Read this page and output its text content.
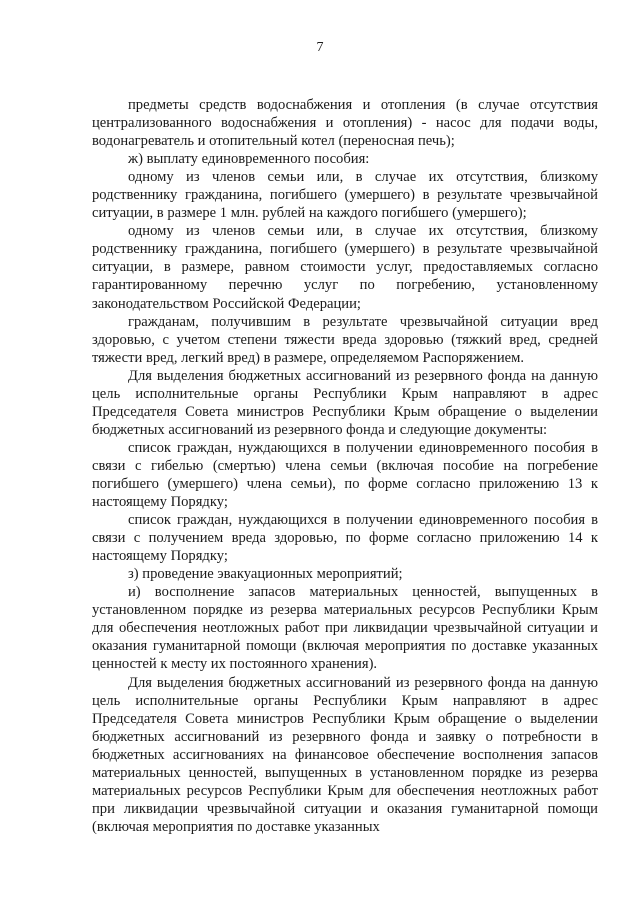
7

предметы средств водоснабжения и отопления (в случае отсутствия централизованного водоснабжения и отопления) - насос для подачи воды, водонагреватель и отопительный котел (переносная печь);

ж) выплату единовременного пособия:

одному из членов семьи или, в случае их отсутствия, близкому родственнику гражданина, погибшего (умершего) в результате чрезвычайной ситуации, в размере 1 млн. рублей на каждого погибшего (умершего);

одному из членов семьи или, в случае их отсутствия, близкому родственнику гражданина, погибшего (умершего) в результате чрезвычайной ситуации, в размере, равном стоимости услуг, предоставляемых согласно гарантированному перечню услуг по погребению, установленному законодательством Российской Федерации;

гражданам, получившим в результате чрезвычайной ситуации вред здоровью, с учетом степени тяжести вреда здоровью (тяжкий вред, средней тяжести вред, легкий вред) в размере, определяемом Распоряжением.

Для выделения бюджетных ассигнований из резервного фонда на данную цель исполнительные органы Республики Крым направляют в адрес Председателя Совета министров Республики Крым обращение о выделении бюджетных ассигнований из резервного фонда и следующие документы:

список граждан, нуждающихся в получении единовременного пособия в связи с гибелью (смертью) члена семьи (включая пособие на погребение погибшего (умершего) члена семьи), по форме согласно приложению 13 к настоящему Порядку;

список граждан, нуждающихся в получении единовременного пособия в связи с получением вреда здоровью, по форме согласно приложению 14 к настоящему Порядку;

з) проведение эвакуационных мероприятий;

и) восполнение запасов материальных ценностей, выпущенных в установленном порядке из резерва материальных ресурсов Республики Крым для обеспечения неотложных работ при ликвидации чрезвычайной ситуации и оказания гуманитарной помощи (включая мероприятия по доставке указанных ценностей к месту их постоянного хранения).

Для выделения бюджетных ассигнований из резервного фонда на данную цель исполнительные органы Республики Крым направляют в адрес Председателя Совета министров Республики Крым обращение о выделении бюджетных ассигнований из резервного фонда и заявку о потребности в бюджетных ассигнованиях на финансовое обеспечение восполнения запасов материальных ценностей, выпущенных в установленном порядке из резерва материальных ресурсов Республики Крым для обеспечения неотложных работ при ликвидации чрезвычайной ситуации и оказания гуманитарной помощи (включая мероприятия по доставке указанных
